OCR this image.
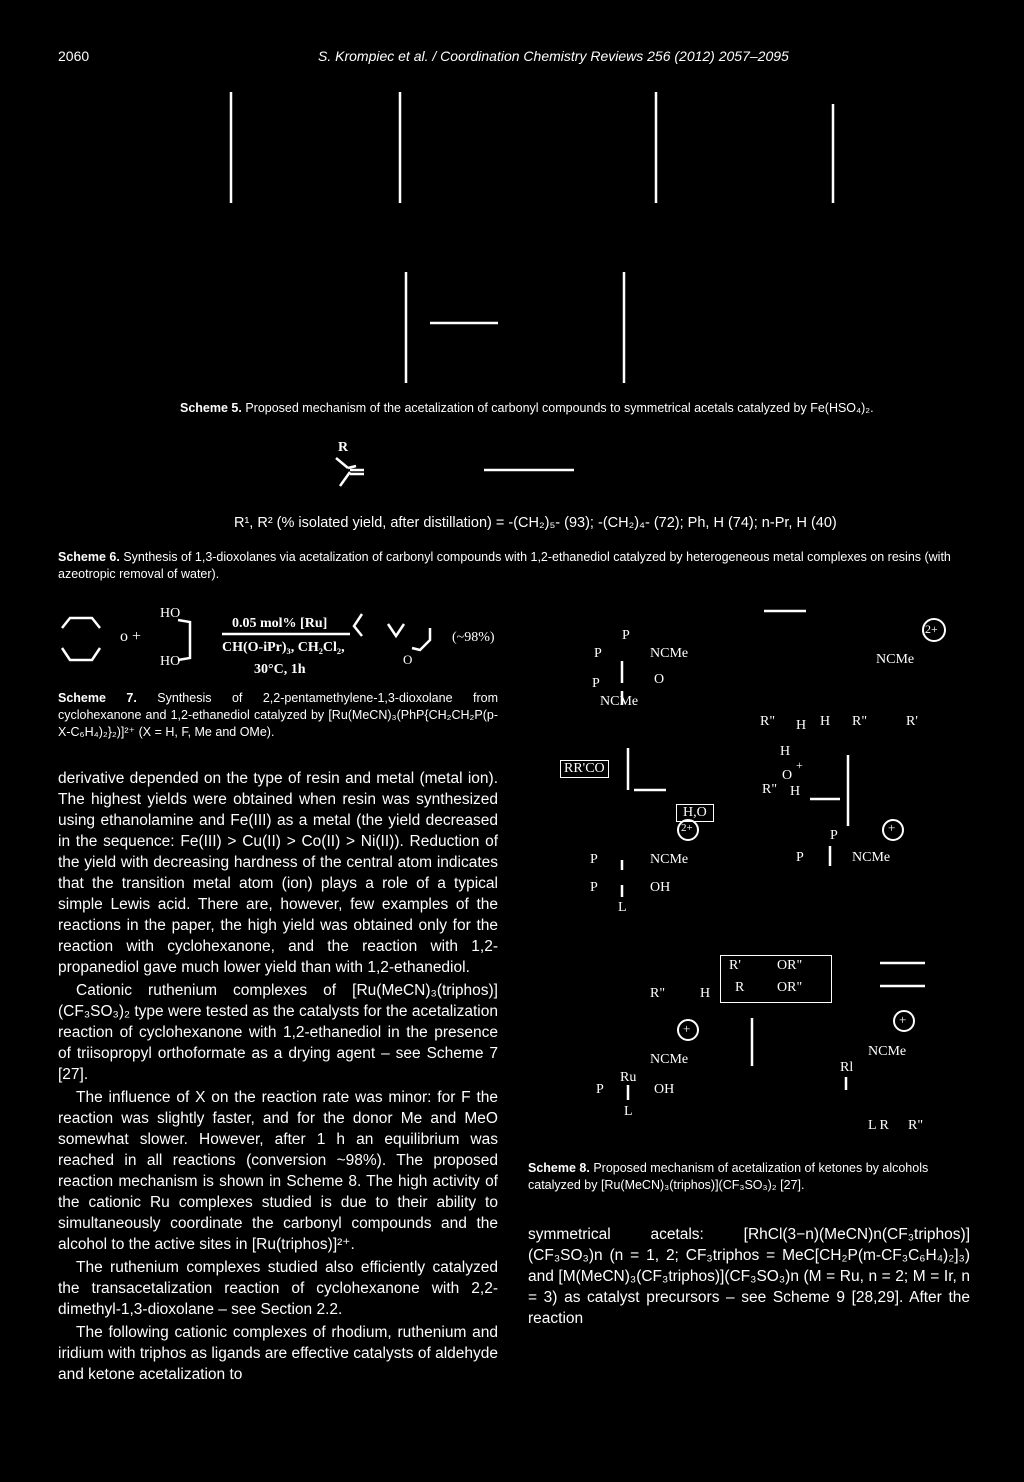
2060	S. Krompiec et al. / Coordination Chemistry Reviews 256 (2012) 2057–2095
Scheme 5. Proposed mechanism of the acetalization of carbonyl compounds to symmetrical acetals catalyzed by Fe(HSO₄)₂.
R
R¹, R² (% isolated yield, after distillation) = -(CH₂)₅- (93); -(CH₂)₄- (72); Ph, H (74); n-Pr, H (40)
Scheme 6. Synthesis of 1,3-dioxolanes via acetalization of carbonyl compounds with 1,2-ethanediol catalyzed by heterogeneous metal complexes on resins (with azeotropic removal of water).
HO
HO
o +
0.05 mol% [Ru]
CH(O-iPr)₃, CH₂Cl₂,
30°C, 1h
(~98%)
O
Scheme 7. Synthesis of 2,2-pentamethylene-1,3-dioxolane from cyclohexanone and 1,2-ethanediol catalyzed by [Ru(MeCN)₃(PhP{CH₂CH₂P(p-X-C₆H₄)₂}₂)]²⁺ (X = H, F, Me and OMe).

derivative depended on the type of resin and metal (metal ion). The highest yields were obtained when resin was synthesized using ethanolamine and Fe(III) as a metal (the yield decreased in the sequence: Fe(III) > Cu(II) > Co(II) > Ni(II)). Reduction of the yield with decreasing hardness of the central atom indicates that the transition metal atom (ion) plays a role of a typical simple Lewis acid. There are, however, few examples of the reactions in the paper, the high yield was obtained only for the reaction with cyclohexanone, and the reaction with 1,2-propanediol gave much lower yield than with 1,2-ethanediol.

Cationic ruthenium complexes of [Ru(MeCN)₃(triphos)](CF₃SO₃)₂ type were tested as the catalysts for the acetalization reaction of cyclohexanone with 1,2-ethanediol in the presence of triisopropyl orthoformate as a drying agent – see Scheme 7 [27].

The influence of X on the reaction rate was minor: for F the reaction was slightly faster, and for the donor Me and MeO somewhat slower. However, after 1 h an equilibrium was reached in all reactions (conversion ~98%). The proposed reaction mechanism is shown in Scheme 8. The high activity of the cationic Ru complexes studied is due to their ability to simultaneously coordinate the carbonyl compounds and the alcohol to the active sites in [Ru(triphos)]²⁺.

The ruthenium complexes studied also efficiently catalyzed the transacetalization reaction of cyclohexanone with 2,2-dimethyl-1,3-dioxolane – see Section 2.2.

The following cationic complexes of rhodium, ruthenium and iridium with triphos as ligands are effective catalysts of aldehyde and ketone acetalization to

P
P	NCMe
O
P
NCMe
2+
NCMe
R" H H R"	R'
RR'CO
H,O
H
O
+
R" H
2+
P	NCMe
P	OH
L
+
P
P	NCMe
R" H
R'	OR"
R OR"
+
NCMe
Ru
P	OH
L
+
NCMe
Rl
L R R"
Scheme 8. Proposed mechanism of acetalization of ketones by alcohols catalyzed by [Ru(MeCN)₃(triphos)](CF₃SO₃)₂ [27].

symmetrical acetals: [RhCl(3−n)(MeCN)n(CF₃triphos)](CF₃SO₃)n (n = 1, 2; CF₃triphos = MeC[CH₂P(m-CF₃C₆H₄)₂]₃) and [M(MeCN)₃(CF₃triphos)](CF₃SO₃)n (M = Ru, n = 2; M = Ir, n = 3) as catalyst precursors – see Scheme 9 [28,29]. After the reaction
